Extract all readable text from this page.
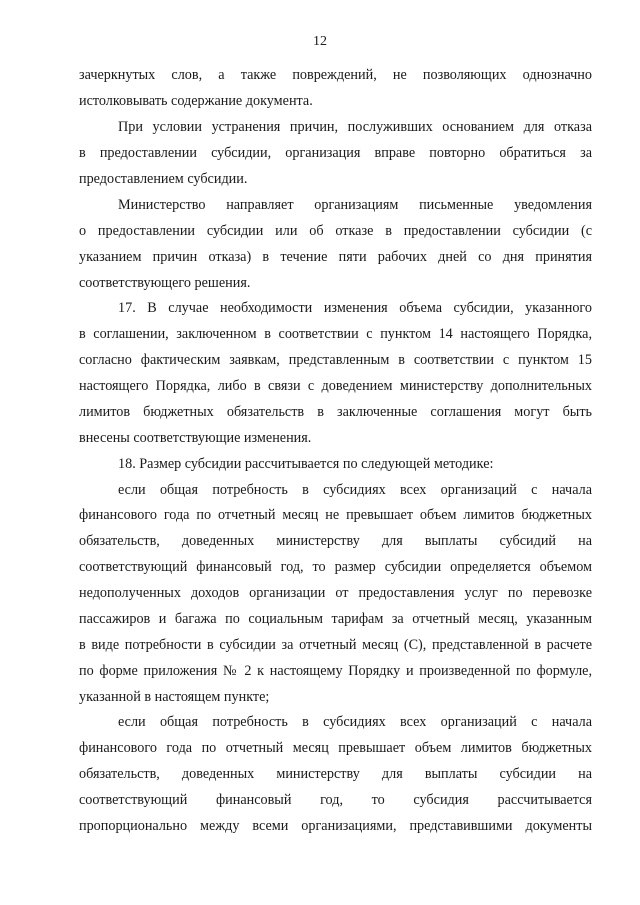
12
зачеркнутых слов, а также повреждений, не позволяющих однозначно
истолковывать содержание документа.
При условии устранения причин, послуживших основанием для отказа
в предоставлении субсидии, организация вправе повторно обратиться за
предоставлением субсидии.
Министерство направляет организациям письменные уведомления
о предоставлении субсидии или об отказе в предоставлении субсидии (с
указанием причин отказа) в течение пяти рабочих дней со дня принятия
соответствующего решения.
17. В случае необходимости изменения объема субсидии, указанного
в соглашении, заключенном в соответствии с пунктом 14 настоящего Порядка,
согласно фактическим заявкам, представленным в соответствии с пунктом 15
настоящего Порядка, либо в связи с доведением министерству дополнительных
лимитов бюджетных обязательств в заключенные соглашения могут быть
внесены соответствующие изменения.
18. Размер субсидии рассчитывается по следующей методике:
если общая потребность в субсидиях всех организаций с начала
финансового года по отчетный месяц не превышает объем лимитов бюджетных
обязательств, доведенных министерству для выплаты субсидий на
соответствующий финансовый год, то размер субсидии определяется объемом
недополученных доходов организации от предоставления услуг по перевозке
пассажиров и багажа по социальным тарифам за отчетный месяц, указанным
в виде потребности в субсидии за отчетный месяц (С), представленной в расчете
по форме приложения № 2 к настоящему Порядку и произведенной по формуле,
указанной в настоящем пункте;
если общая потребность в субсидиях всех организаций с начала
финансового года по отчетный месяц превышает объем лимитов бюджетных
обязательств, доведенных министерству для выплаты субсидии на
соответствующий финансовый год, то субсидия рассчитывается
пропорционально между всеми организациями, представившими документы
